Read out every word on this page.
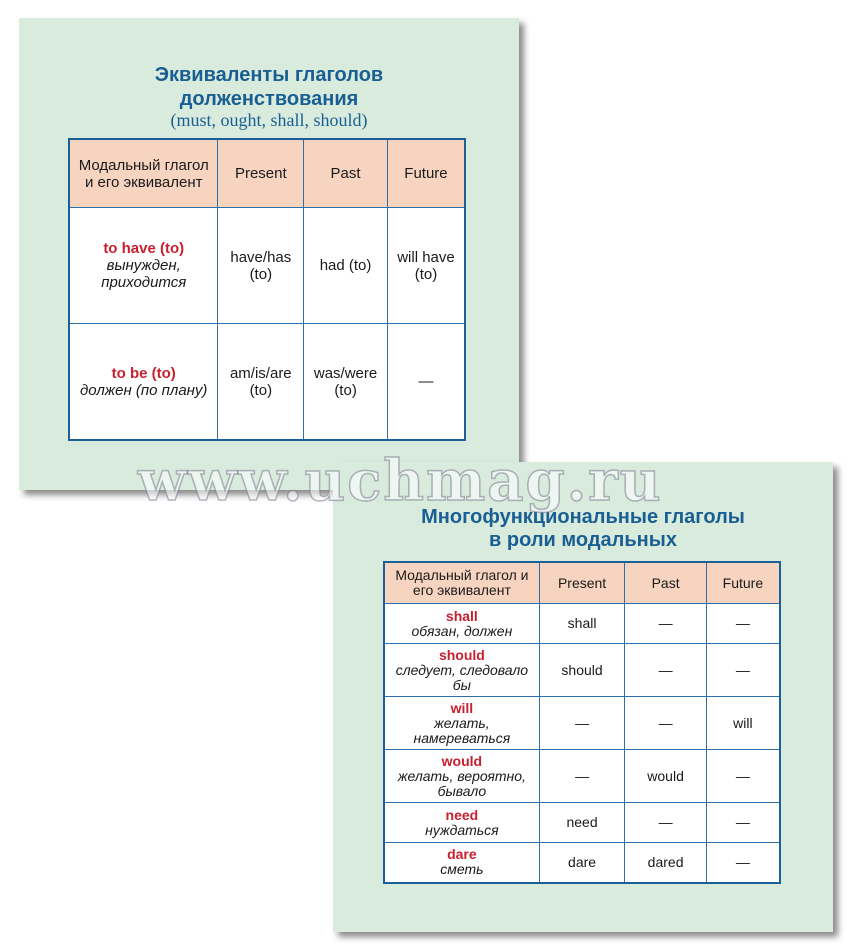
Эквиваленты глаголов
долженствования
(must, ought, shall, should)
Модальный глагол и его эквивалент	Present	Past	Future

to have (to)
вынужден, приходится	have/has (to)	had (to)	will have (to)

to be (to)
должен (по плану)	am/is/are (to)	was/were (to)	—
Многофункциональные глаголы
в роли модальных
Модальный глагол и его эквивалент	Present	Past	Future

shall
обязан, должен	shall	—	—

should
следует, следовало бы	should	—	—

will
желать, намереваться	—	—	will

would
желать, вероятно, бывало	—	would	—

need
нуждаться	need	—	—

dare
сметь	dare	dared	—
www.uchmag.ru
